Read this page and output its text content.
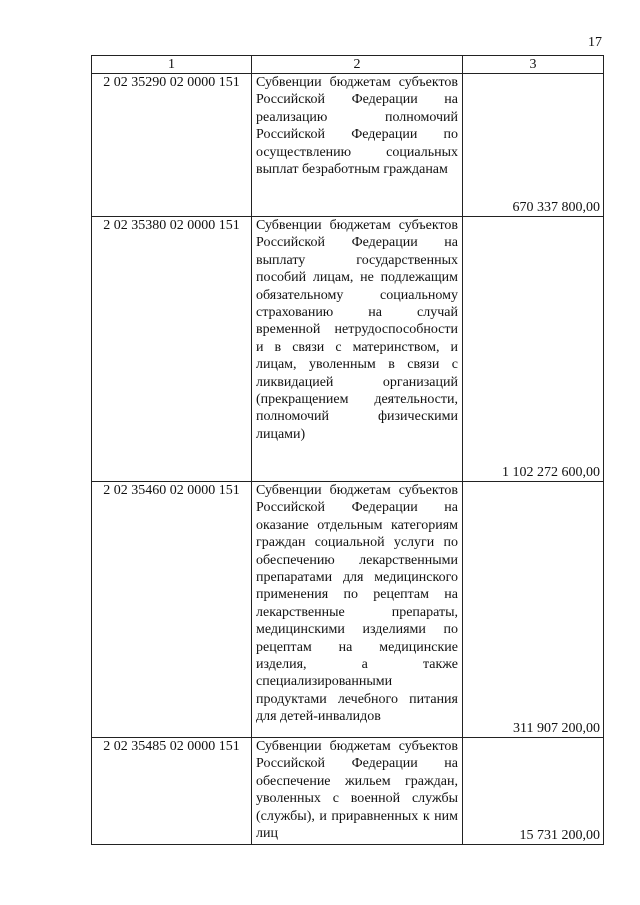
17
1	2	3
2 02 35290 02 0000 151	Субвенции бюджетам субъектов Российской Федерации на реализацию полномочий Российской Федерации по осуществлению социальных выплат безработным гражданам	670 337 800,00
2 02 35380 02 0000 151	Субвенции бюджетам субъектов Российской Федерации на выплату государственных пособий лицам, не подлежащим обязательному социальному страхованию на случай временной нетрудоспособности и в связи с материнством, и лицам, уволенным в связи с ликвидацией организаций (прекращением деятельности, полномочий физическими лицами)	1 102 272 600,00
2 02 35460 02 0000 151	Субвенции бюджетам субъектов Российской Федерации на оказание отдельным категориям граждан социальной услуги по обеспечению лекарственными препаратами для медицинского применения по рецептам на лекарственные препараты, медицинскими изделиями по рецептам на медицинские изделия, а также специализированными продуктами лечебного питания для детей-инвалидов	311 907 200,00
2 02 35485 02 0000 151	Субвенции бюджетам субъектов Российской Федерации на обеспечение жильем граждан, уволенных с военной службы (службы), и приравненных к ним лиц	15 731 200,00
